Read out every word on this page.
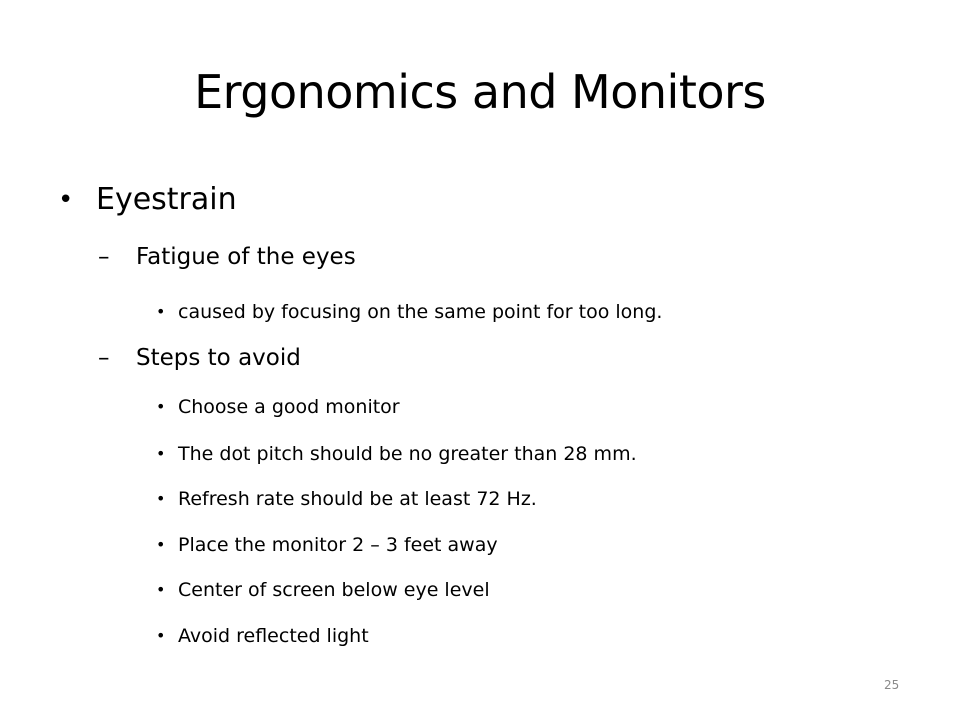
Ergonomics and Monitors
• Eyestrain
– Fatigue of the eyes
• caused by focusing on the same point for too long.
– Steps to avoid
• Choose a good monitor
• The dot pitch should be no greater than 28 mm.
• Refresh rate should be at least 72 Hz.
• Place the monitor 2 – 3 feet away
• Center of screen below eye level
• Avoid reflected light
25
